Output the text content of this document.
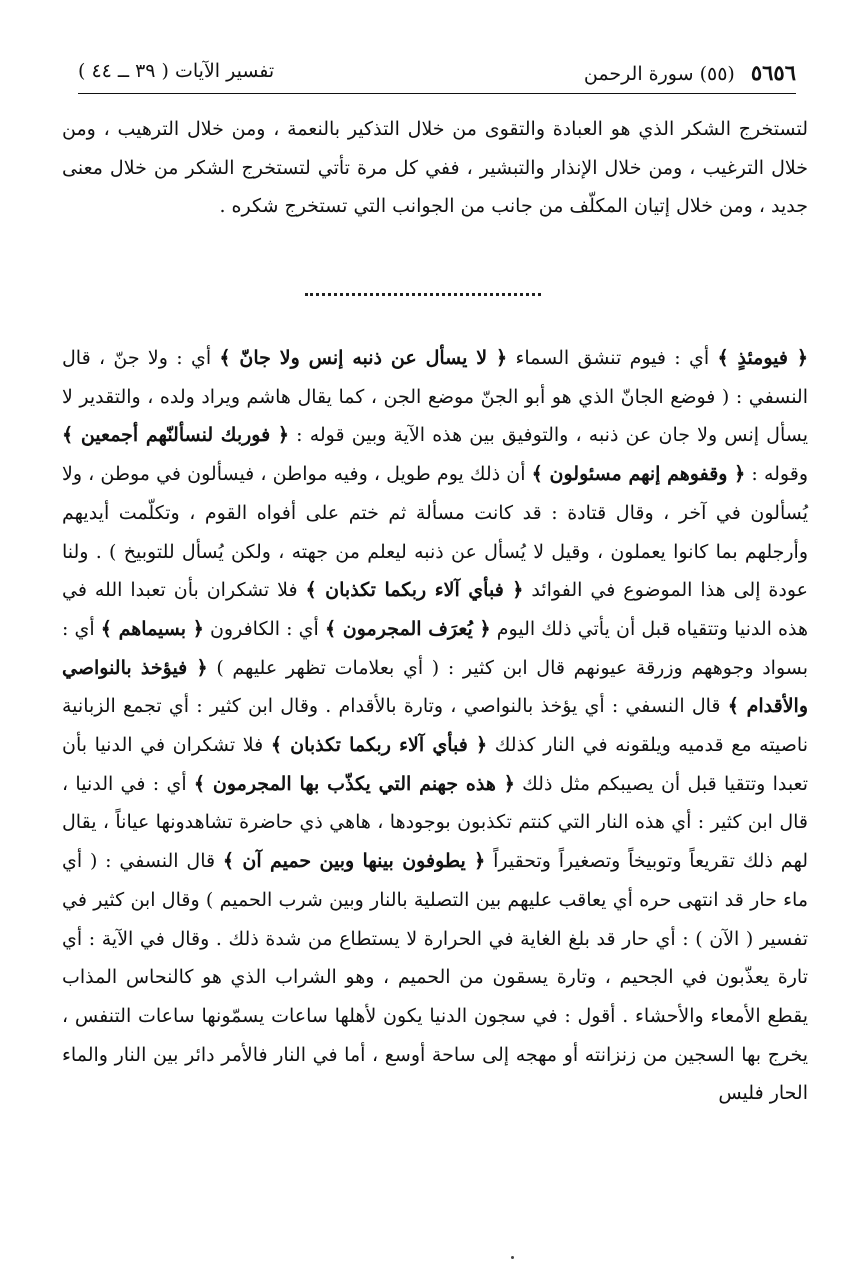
٥٦٥٦ (٥٥) سورة الرحمن
تفسير الآيات ( ٣٩ ــ ٤٤ )

لتستخرج الشكر الذي هو العبادة والتقوى من خلال التذكير بالنعمة ، ومن خلال الترهيب ، ومن خلال الترغيب ، ومن خلال الإنذار والتبشير ، ففي كل مرة تأتي لتستخرج الشكر من خلال معنى جديد ، ومن خلال إتيان المكلّف من جانب من الجوانب التي تستخرج شكره .

﴿ فيومئذٍ ﴾ أي : فيوم تنشق السماء ﴿ لا يسأل عن ذنبه إنس ولا جانّ ﴾ أي : ولا جنّ ، قال النسفي : ( فوضع الجانّ الذي هو أبو الجنّ موضع الجن ، كما يقال هاشم ويراد ولده ، والتقدير لا يسأل إنس ولا جان عن ذنبه ، والتوفيق بين هذه الآية وبين قوله : ﴿ فوربك لنسألنّهم أجمعين ﴾ وقوله : ﴿ وقفوهم إنهم مسئولون ﴾ أن ذلك يوم طويل ، وفيه مواطن ، فيسألون في موطن ، ولا يُسألون في آخر ، وقال قتادة : قد كانت مسألة ثم ختم على أفواه القوم ، وتكلّمت أيديهم وأرجلهم بما كانوا يعملون ، وقيل لا يُسأل عن ذنبه ليعلم من جهته ، ولكن يُسأل للتوبيخ ) . ولنا عودة إلى هذا الموضوع في الفوائد ﴿ فبأي آلاء ربكما تكذبان ﴾ فلا تشكران بأن تعبدا الله في هذه الدنيا وتتقياه قبل أن يأتي ذلك اليوم ﴿ يُعرَف المجرمون ﴾ أي : الكافرون ﴿ بسيماهم ﴾ أي : بسواد وجوههم وزرقة عيونهم قال ابن كثير : ( أي بعلامات تظهر عليهم ) ﴿ فيؤخذ بالنواصي والأقدام ﴾ قال النسفي : أي يؤخذ بالنواصي ، وتارة بالأقدام . وقال ابن كثير : أي تجمع الزبانية ناصيته مع قدميه ويلقونه في النار كذلك ﴿ فبأي آلاء ربكما تكذبان ﴾ فلا تشكران في الدنيا بأن تعبدا وتتقيا قبل أن يصيبكم مثل ذلك ﴿ هذه جهنم التي يكذّب بها المجرمون ﴾ أي : في الدنيا ، قال ابن كثير : أي هذه النار التي كنتم تكذبون بوجودها ، هاهي ذي حاضرة تشاهدونها عياناً ، يقال لهم ذلك تقريعاً وتوبيخاً وتصغيراً وتحقيراً ﴿ يطوفون بينها وبين حميم آن ﴾ قال النسفي : ( أي ماء حار قد انتهى حره أي يعاقب عليهم بين التصلية بالنار وبين شرب الحميم ) وقال ابن كثير في تفسير ( الآن ) : أي حار قد بلغ الغاية في الحرارة لا يستطاع من شدة ذلك . وقال في الآية : أي تارة يعذّبون في الجحيم ، وتارة يسقون من الحميم ، وهو الشراب الذي هو كالنحاس المذاب يقطع الأمعاء والأحشاء . أقول : في سجون الدنيا يكون لأهلها ساعات يسمّونها ساعات التنفس ، يخرج بها السجين من زنزانته أو مهجه إلى ساحة أوسع ، أما في النار فالأمر دائر بين النار والماء الحار فليس
